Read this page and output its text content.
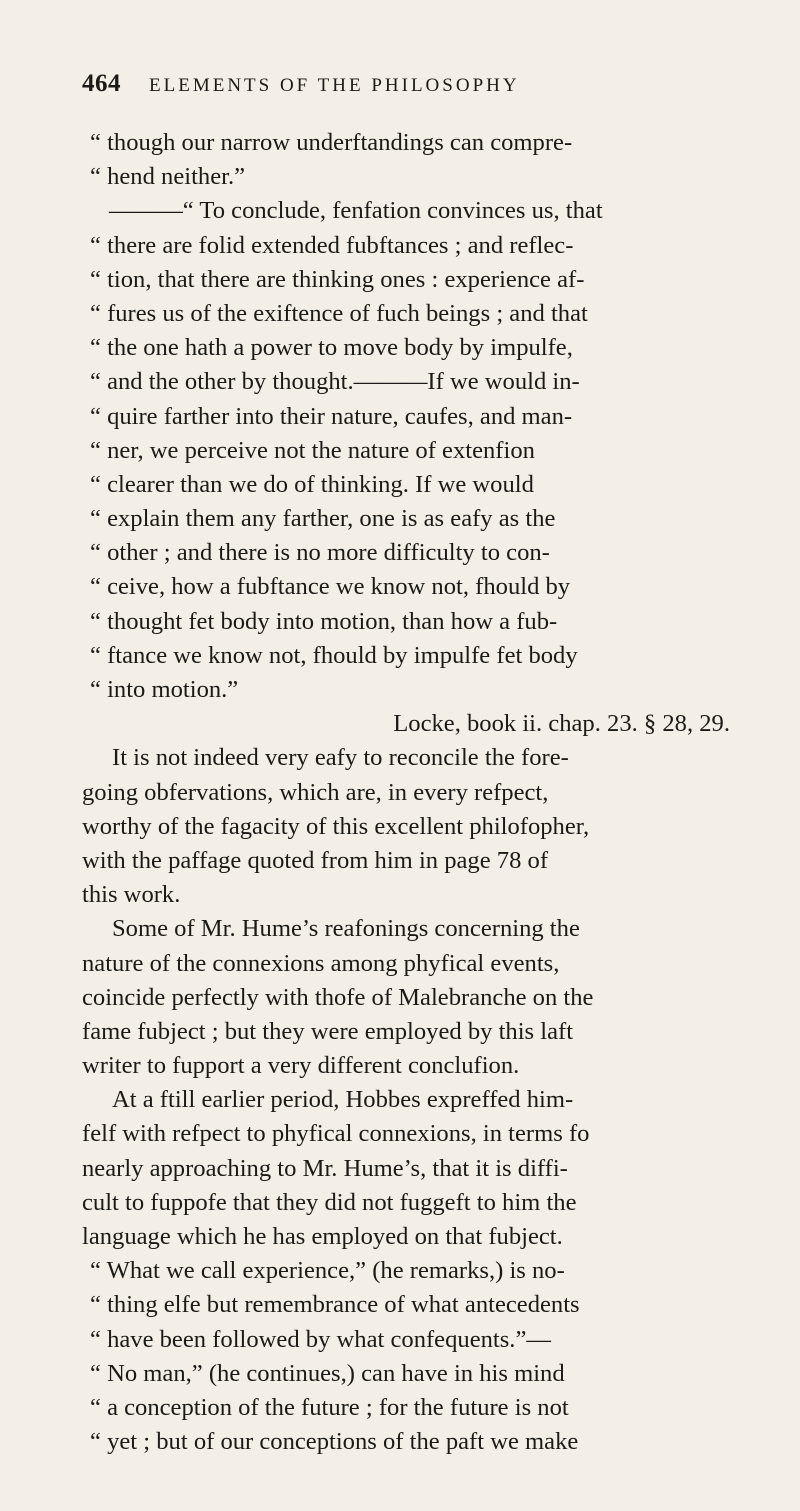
464 ELEMENTS OF THE PHILOSOPHY
“ though our narrow underftandings can compre-
“ hend neither.”
———“ To conclude, fenfation convinces us, that
“ there are folid extended fubftances ; and reflec-
“ tion, that there are thinking ones : experience af-
“ fures us of the exiftence of fuch beings ; and that
“ the one hath a power to move body by impulfe,
“ and the other by thought.———If we would in-
“ quire farther into their nature, caufes, and man-
“ ner, we perceive not the nature of extenfion
“ clearer than we do of thinking. If we would
“ explain them any farther, one is as eafy as the
“ other ; and there is no more difficulty to con-
“ ceive, how a fubftance we know not, fhould by
“ thought fet body into motion, than how a fub-
“ ftance we know not, fhould by impulfe fet body
“ into motion.”
Locke, book ii. chap. 23. § 28, 29.
It is not indeed very eafy to reconcile the fore-
going obfervations, which are, in every refpect,
worthy of the fagacity of this excellent philofopher,
with the paffage quoted from him in page 78 of
this work.
Some of Mr. Hume’s reafonings concerning the
nature of the connexions among phyfical events,
coincide perfectly with thofe of Malebranche on the
fame fubject ; but they were employed by this laft
writer to fupport a very different conclufion.
At a ftill earlier period, Hobbes expreffed him-
felf with refpect to phyfical connexions, in terms fo
nearly approaching to Mr. Hume’s, that it is diffi-
cult to fuppofe that they did not fuggeft to him the
language which he has employed on that fubject.
“ What we call experience,” (he remarks,) is no-
“ thing elfe but remembrance of what antecedents
“ have been followed by what confequents.”—
“ No man,” (he continues,) can have in his mind
“ a conception of the future ; for the future is not
“ yet ; but of our conceptions of the paft we make
